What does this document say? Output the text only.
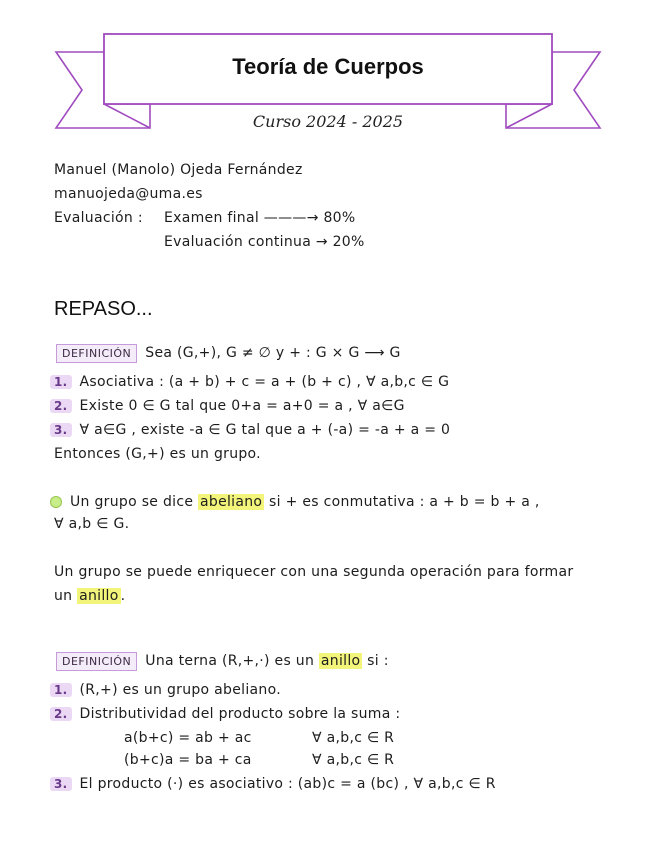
Teoría de Cuerpos
Curso 2024 - 2025
Manuel (Manolo) Ojeda Fernández
manuojeda@uma.es
Evaluación : Examen final ———→ 80%
Evaluación continua → 20%
REPASO...
DEFINICIÓN Sea (G,+), G ≠ ∅ y + : G × G ⟶ G
1. Asociativa : (a + b) + c = a + (b + c) , ∀ a,b,c ∈ G
2. Existe 0 ∈ G tal que 0+a = a+0 = a , ∀ a∈G
3. ∀ a∈G , existe -a ∈ G tal que a + (-a) = -a + a = 0
Entonces (G,+) es un grupo.
Un grupo se dice abeliano si + es conmutativa : a + b = b + a ,
∀ a,b ∈ G.
Un grupo se puede enriquecer con una segunda operación para formar
un anillo .
DEFINICIÓN Una terna (R,+,·) es un anillo si :
1. (R,+) es un grupo abeliano.
2. Distributividad del producto sobre la suma :
a(b+c) = ab + ac	∀ a,b,c ∈ R
(b+c)a = ba + ca	∀ a,b,c ∈ R
3. El producto (·) es asociativo : (ab)c = a (bc) , ∀ a,b,c ∈ R
